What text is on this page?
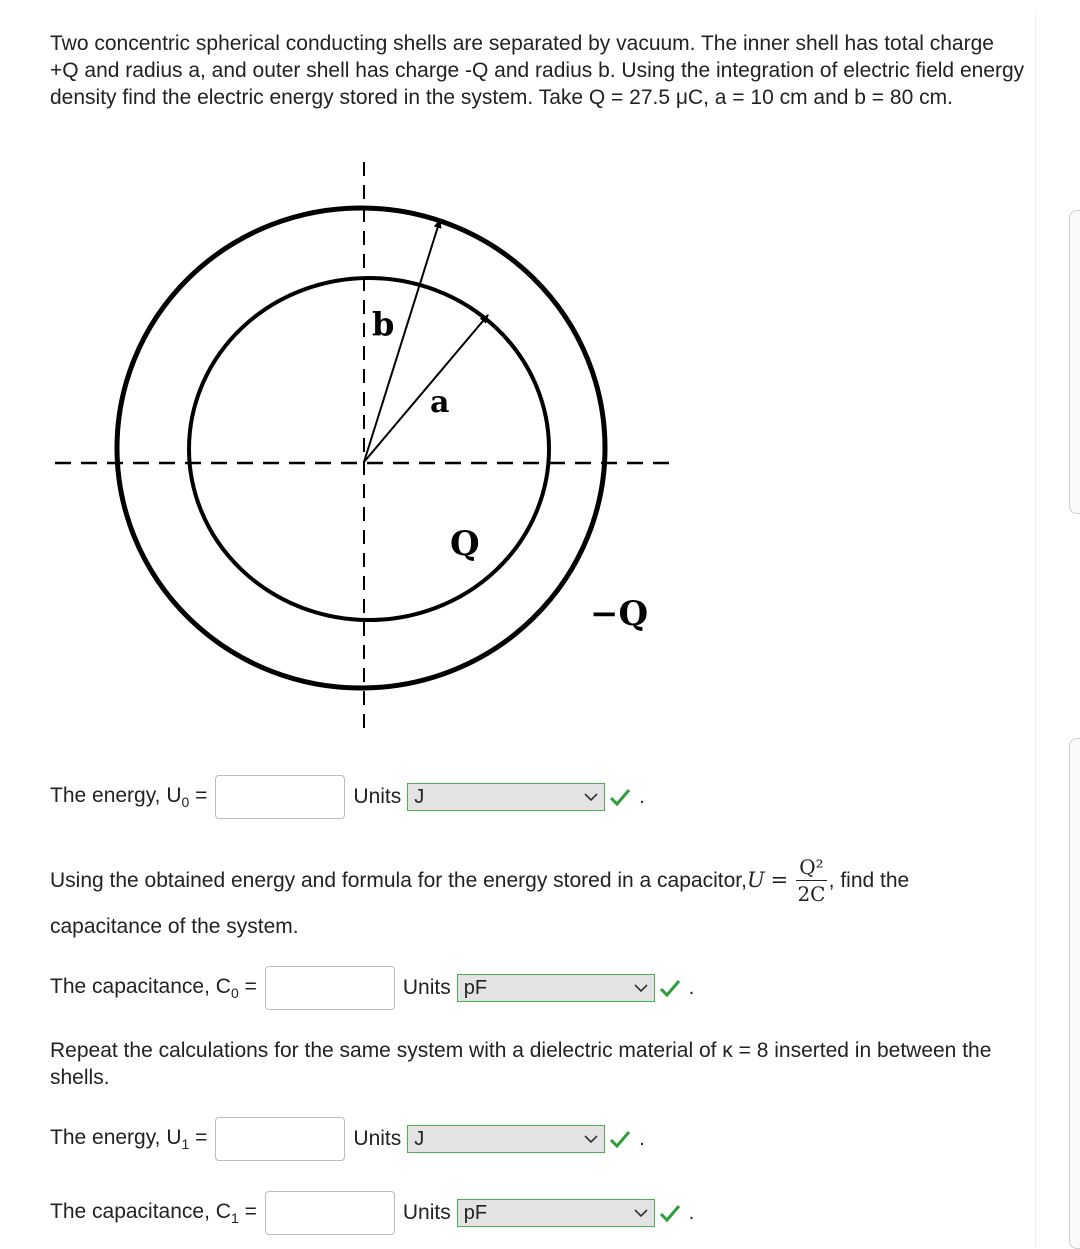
Two concentric spherical conducting shells are separated by vacuum. The inner shell has total charge +Q and radius a, and outer shell has charge -Q and radius b. Using the integration of electric field energy density find the electric energy stored in the system. Take Q = 27.5 μC, a = 10 cm and b = 80 cm.
b
a
Q
−Q
The energy, $U_0$ =	Units J	.
Using the obtained energy and formula for the energy stored in a capacitor, $U = \frac{\text{Q²}}{2C}$ , find the
capacitance of the system.
The capacitance, $C_0$ =	Units pF	.
Repeat the calculations for the same system with a dielectric material of κ = 8 inserted in between the shells.
The energy, $U_1$ =	Units J	.
The capacitance, $C_1$ =	Units pF	.
